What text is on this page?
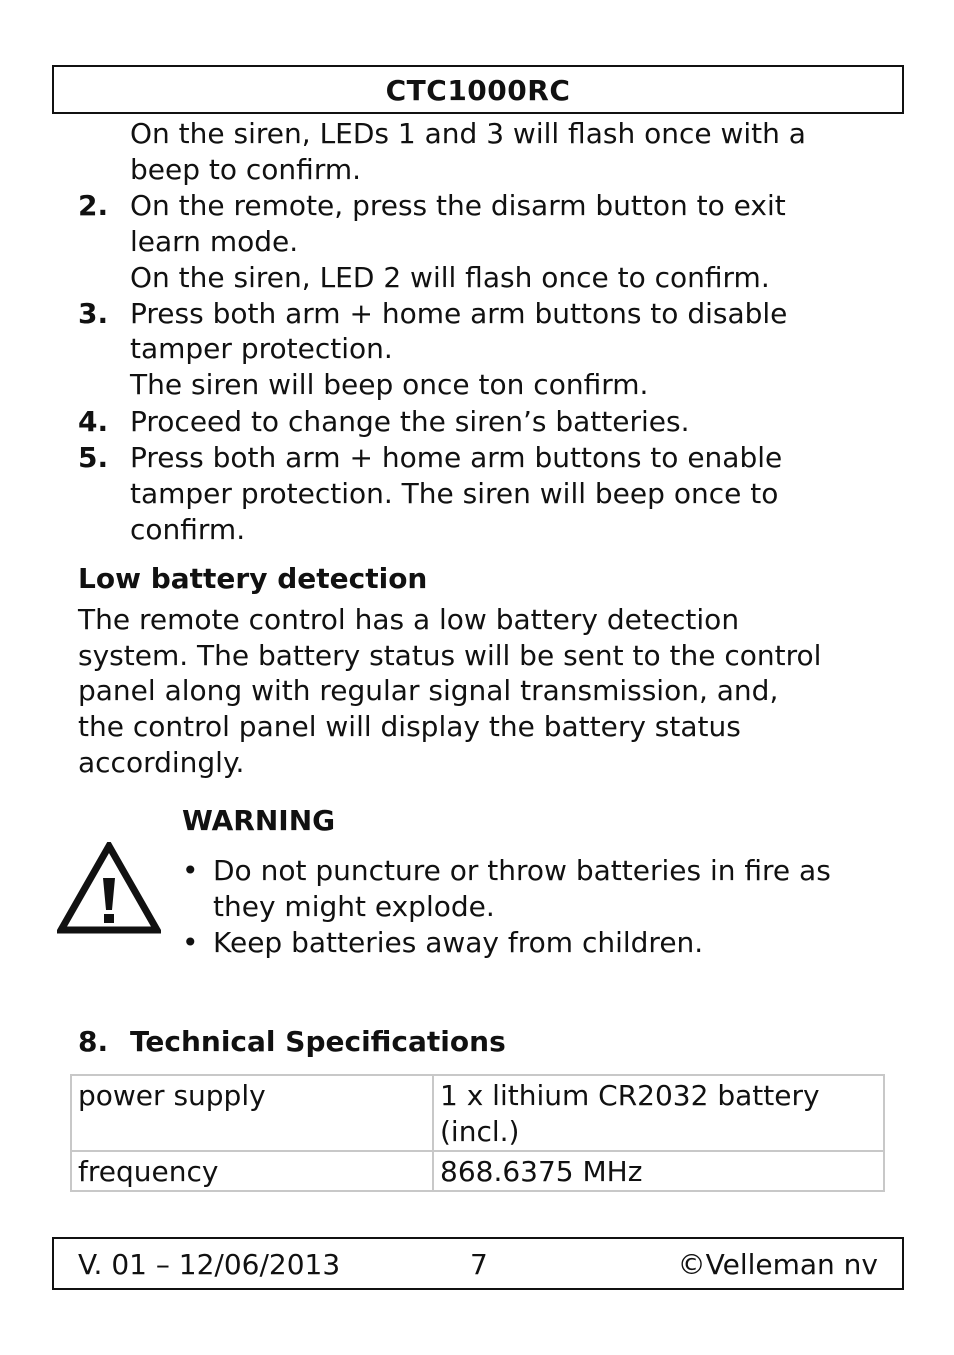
CTC1000RC
On the siren, LEDs 1 and 3 will flash once with a
beep to confirm.
2. On the remote, press the disarm button to exit
learn mode.
On the siren, LED 2 will flash once to confirm.
3. Press both arm + home arm buttons to disable
tamper protection.
The siren will beep once ton confirm.
4. Proceed to change the siren’s batteries.
5. Press both arm + home arm buttons to enable
tamper protection. The siren will beep once to
confirm.
Low battery detection
The remote control has a low battery detection
system. The battery status will be sent to the control
panel along with regular signal transmission, and,
the control panel will display the battery status
accordingly.
WARNING
• Do not puncture or throw batteries in fire as
they might explode.
• Keep batteries away from children.
8. Technical Specifications
power supply	1 x lithium CR2032 battery
(incl.)

frequency	868.6375 MHz
V. 01 – 12/06/2013	7	©Velleman nv
